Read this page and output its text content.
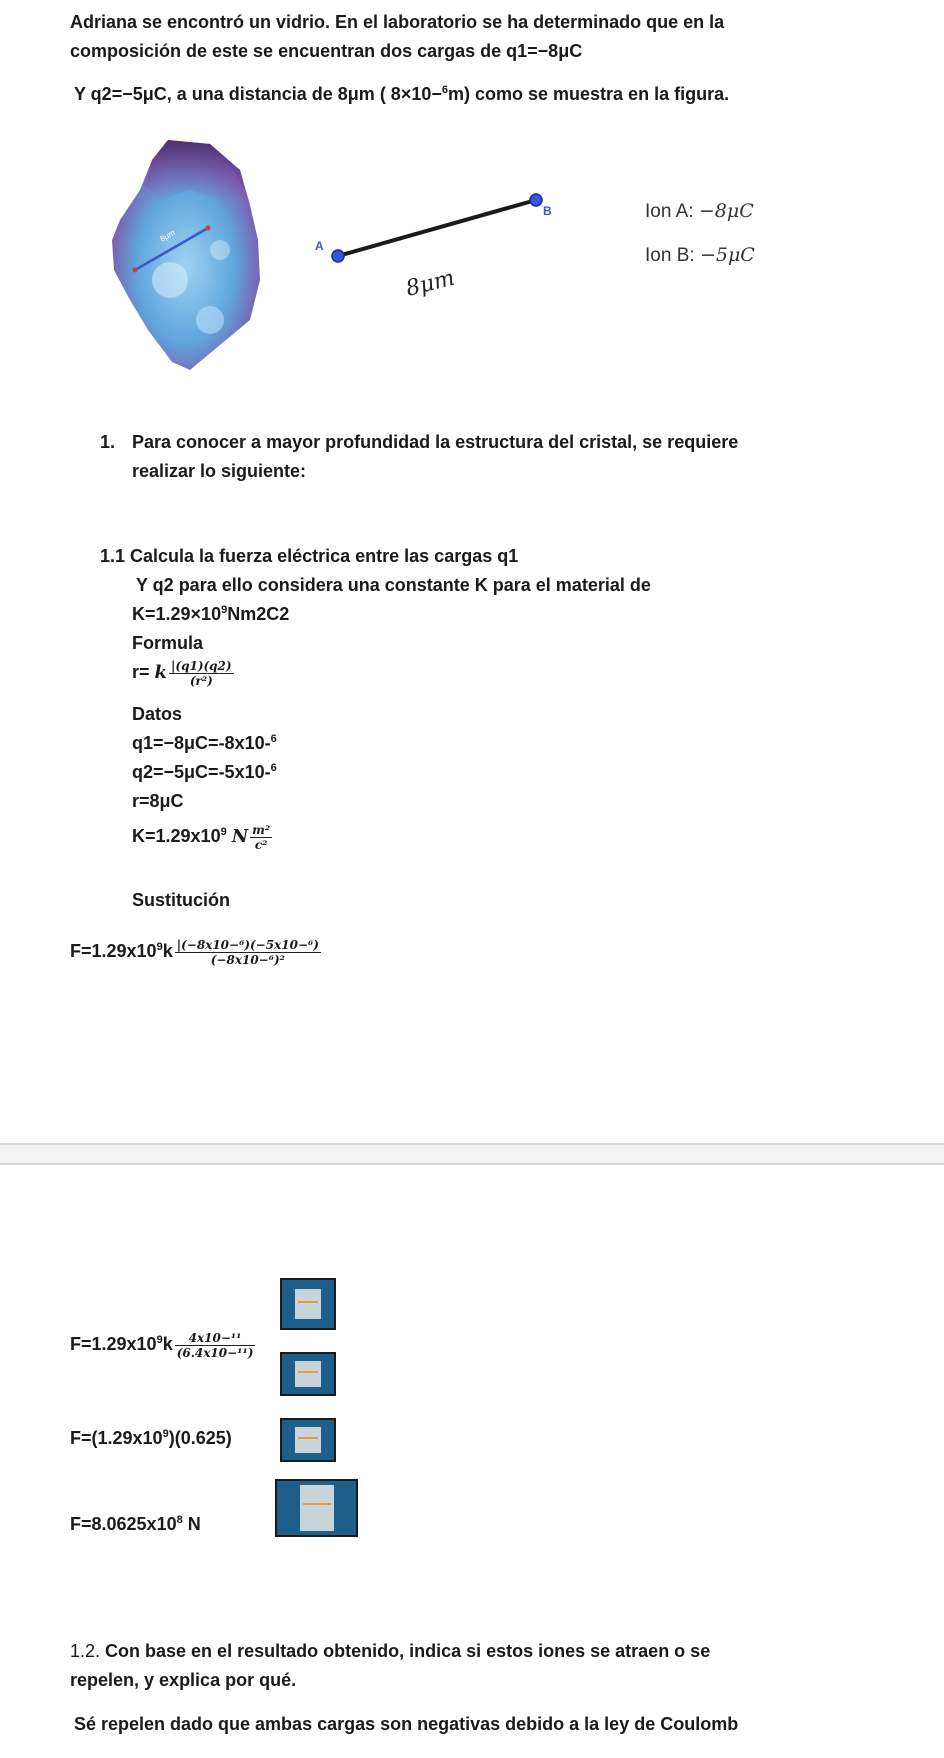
Adriana se encontró un vidrio. En el laboratorio se ha determinado que en la

composición de este se encuentran dos cargas de q1=−8μC

Y q2=−5μC, a una distancia de 8μm ( 8×10−$^6$m) como se muestra en la figura.

8μm
A
B
8μm
Ion A: −8μC
Ion B: −5μC

1. Para conocer a mayor profundidad la estructura del cristal, se requiere

realizar lo siguiente:

1.1 Calcula la fuerza eléctrica entre las cargas q1

Y q2 para ello considera una constante K para el material de

$K=1.29\times 10^9Nm2C2$

Formula

r= k $\frac{|(q1)(q2)}{\text{(r²)}}$

Datos

q1=−8μC=-8x10-$^6$

q2=−5μC=-5x10-$^6$

r=8μC

$K=1.29x10^9$ N $\frac{\text{m²}}{\text{c²}}$

Sustitución

$F=1.29x10^9k \frac{\text{|(−8x10−⁶)(−5x10−⁶)}}{\text{(−8x10−⁶)²}}$

$F=1.29x10^9k \frac{\text{4x10−¹¹}}{\text{(6.4x10−¹¹)}}$

$F=(1.29x10^9)(0.625)$

$F=8.0625x10^8$ N

1.2. Con base en el resultado obtenido, indica si estos iones se atraen o se

repelen, y explica por qué.

Sé repelen dado que ambas cargas son negativas debido a la ley de Coulomb
